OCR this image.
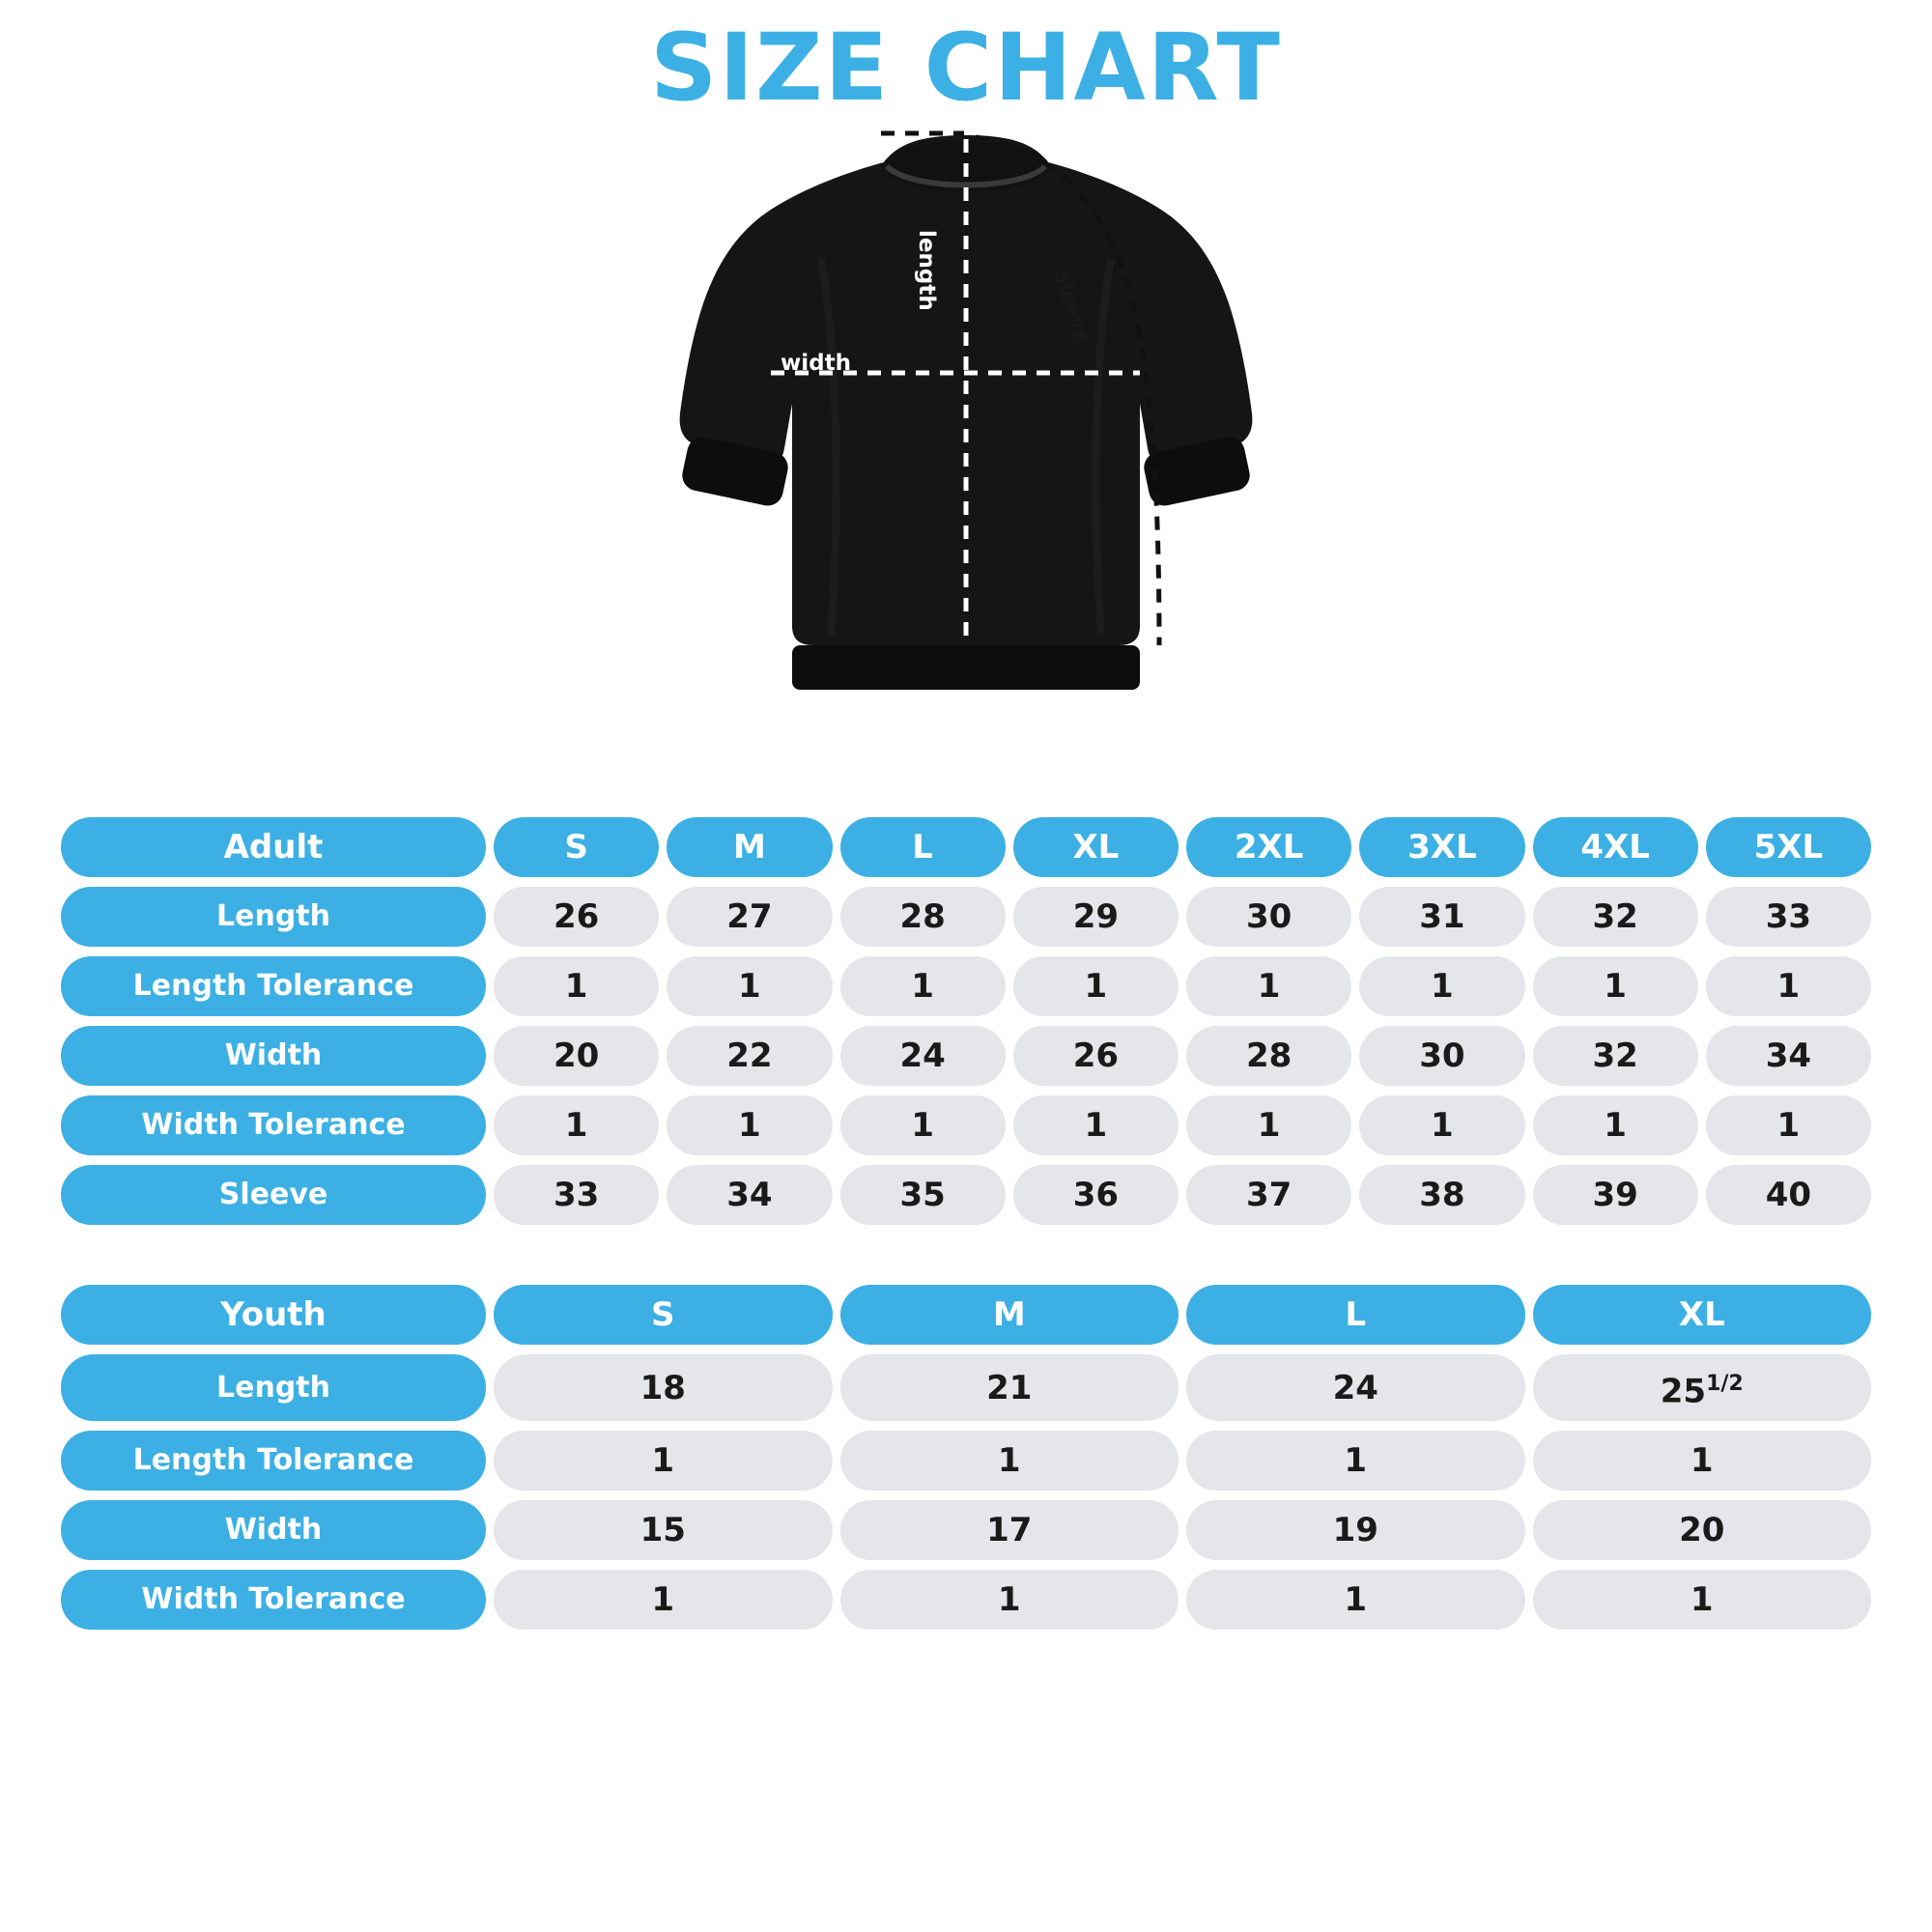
SIZE CHART
width
length	sleeve
Adult	S	M	L	XL	2XL	3XL	4XL	5XL
Length	26	27	28	29	30	31	32	33
Length Tolerance	1	1	1	1	1	1	1	1
Width	20	22	24	26	28	30	32	34
Width Tolerance	1	1	1	1	1	1	1	1
Sleeve	33	34	35	36	37	38	39	40
Youth	S	M	L	XL
Length	18	21	24	$25^{1/2}$
Length Tolerance	1	1	1	1
Width	15	17	19	20
Width Tolerance	1	1	1	1
